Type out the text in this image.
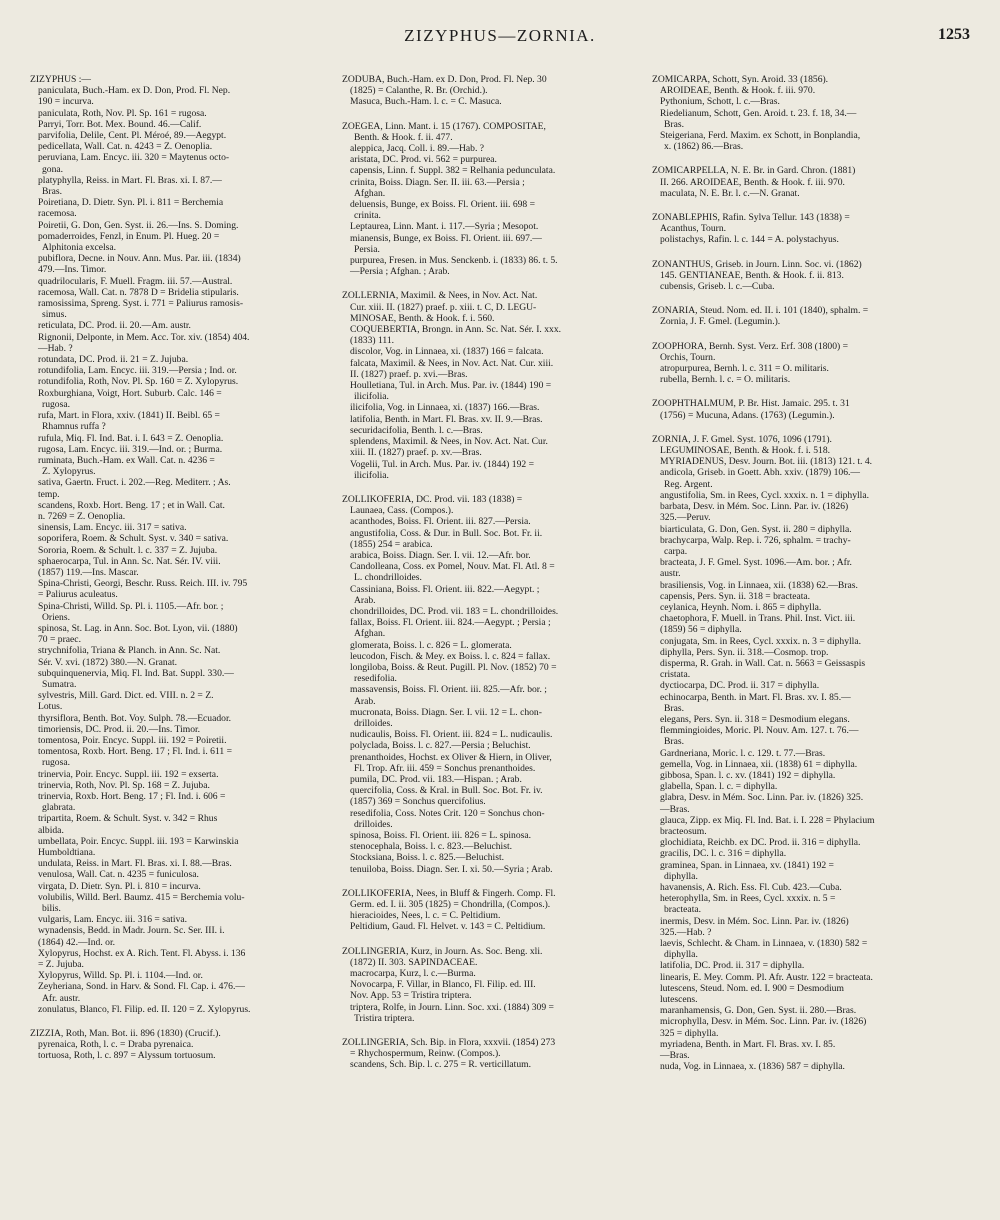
ZIZYPHUS—ZORNIA.	1253
ZIZYPHUS :—
paniculata, Buch.-Ham. ex D. Don, Prod. Fl. Nep.
190 = incurva.
paniculata, Roth, Nov. Pl. Sp. 161 = rugosa.
Parryi, Torr. Bot. Mex. Bound. 46.—Calif.
parvifolia, Delile, Cent. Pl. Méroé, 89.—Aegypt.
pedicellata, Wall. Cat. n. 4243 = Z. Oenoplia.
peruviana, Lam. Encyc. iii. 320 = Maytenus octo-
gona.
platyphylla, Reiss. in Mart. Fl. Bras. xi. I. 87.—
Bras.
Poiretiana, D. Dietr. Syn. Pl. i. 811 = Berchemia
racemosa.
Poiretii, G. Don, Gen. Syst. ii. 26.—Ins. S. Doming.
pomaderroides, Fenzl, in Enum. Pl. Hueg. 20 =
Alphitonia excelsa.
pubiflora, Decne. in Nouv. Ann. Mus. Par. iii. (1834)
479.—Ins. Timor.
quadrilocularis, F. Muell. Fragm. iii. 57.—Austral.
racemosa, Wall. Cat. n. 7878 D = Bridelia stipularis.
ramosissima, Spreng. Syst. i. 771 = Paliurus ramosis-
simus.
reticulata, DC. Prod. ii. 20.—Am. austr.
Rignonii, Delponte, in Mem. Acc. Tor. xiv. (1854) 404.
—Hab. ?
rotundata, DC. Prod. ii. 21 = Z. Jujuba.
rotundifolia, Lam. Encyc. iii. 319.—Persia ; Ind. or.
rotundifolia, Roth, Nov. Pl. Sp. 160 = Z. Xylopyrus.
Roxburghiana, Voigt, Hort. Suburb. Calc. 146 =
rugosa.
rufa, Mart. in Flora, xxiv. (1841) II. Beibl. 65 =
Rhamnus ruffa ?
rufula, Miq. Fl. Ind. Bat. i. I. 643 = Z. Oenoplia.
rugosa, Lam. Encyc. iii. 319.—Ind. or. ; Burma.
ruminata, Buch.-Ham. ex Wall. Cat. n. 4236 =
Z. Xylopyrus.
sativa, Gaertn. Fruct. i. 202.—Reg. Mediterr. ; As.
temp.
scandens, Roxb. Hort. Beng. 17 ; et in Wall. Cat.
n. 7269 = Z. Oenoplia.
sinensis, Lam. Encyc. iii. 317 = sativa.
soporifera, Roem. & Schult. Syst. v. 340 = sativa.
Sororia, Roem. & Schult. l. c. 337 = Z. Jujuba.
sphaerocarpa, Tul. in Ann. Sc. Nat. Sér. IV. viii.
(1857) 119.—Ins. Mascar.
Spina-Christi, Georgi, Beschr. Russ. Reich. III. iv. 795
= Paliurus aculeatus.
Spina-Christi, Willd. Sp. Pl. i. 1105.—Afr. bor. ;
Oriens.
spinosa, St. Lag. in Ann. Soc. Bot. Lyon, vii. (1880)
70 = praec.
strychnifolia, Triana & Planch. in Ann. Sc. Nat.
Sér. V. xvi. (1872) 380.—N. Granat.
subquinquenervia, Miq. Fl. Ind. Bat. Suppl. 330.—
Sumatra.
sylvestris, Mill. Gard. Dict. ed. VIII. n. 2 = Z.
Lotus.
thyrsiflora, Benth. Bot. Voy. Sulph. 78.—Ecuador.
timoriensis, DC. Prod. ii. 20.—Ins. Timor.
tomentosa, Poir. Encyc. Suppl. iii. 192 = Poiretii.
tomentosa, Roxb. Hort. Beng. 17 ; Fl. Ind. i. 611 =
rugosa.
trinervia, Poir. Encyc. Suppl. iii. 192 = exserta.
trinervia, Roth, Nov. Pl. Sp. 168 = Z. Jujuba.
trinervia, Roxb. Hort. Beng. 17 ; Fl. Ind. i. 606 =
glabrata.
tripartita, Roem. & Schult. Syst. v. 342 = Rhus
albida.
umbellata, Poir. Encyc. Suppl. iii. 193 = Karwinskia
Humboldtiana.
undulata, Reiss. in Mart. Fl. Bras. xi. I. 88.—Bras.
venulosa, Wall. Cat. n. 4235 = funiculosa.
virgata, D. Dietr. Syn. Pl. i. 810 = incurva.
volubilis, Willd. Berl. Baumz. 415 = Berchemia volu-
bilis.
vulgaris, Lam. Encyc. iii. 316 = sativa.
wynadensis, Bedd. in Madr. Journ. Sc. Ser. III. i.
(1864) 42.—Ind. or.
Xylopyrus, Hochst. ex A. Rich. Tent. Fl. Abyss. i. 136
= Z. Jujuba.
Xylopyrus, Willd. Sp. Pl. i. 1104.—Ind. or.
Zeyheriana, Sond. in Harv. & Sond. Fl. Cap. i. 476.—
Afr. austr.
zonulatus, Blanco, Fl. Filip. ed. II. 120 = Z. Xylopyrus.
ZIZZIA, Roth, Man. Bot. ii. 896 (1830) (Crucif.).
pyrenaica, Roth, l. c. = Draba pyrenaica.
tortuosa, Roth, l. c. 897 = Alyssum tortuosum.
ZODUBA, Buch.-Ham. ex D. Don, Prod. Fl. Nep. 30
(1825) = Calanthe, R. Br. (Orchid.).
Masuca, Buch.-Ham. l. c. = C. Masuca.
ZOEGEA, Linn. Mant. i. 15 (1767). COMPOSITAE,
Benth. & Hook. f. ii. 477.
aleppica, Jacq. Coll. i. 89.—Hab. ?
aristata, DC. Prod. vi. 562 = purpurea.
capensis, Linn. f. Suppl. 382 = Relhania pedunculata.
crinita, Boiss. Diagn. Ser. II. iii. 63.—Persia ;
Afghan.
deluensis, Bunge, ex Boiss. Fl. Orient. iii. 698 =
crinita.
Leptaurea, Linn. Mant. i. 117.—Syria ; Mesopot.
mianensis, Bunge, ex Boiss. Fl. Orient. iii. 697.—
Persia.
purpurea, Fresen. in Mus. Senckenb. i. (1833) 86. t. 5.
—Persia ; Afghan. ; Arab.
ZOLLERNIA, Maximil. & Nees, in Nov. Act. Nat.
Cur. xiii. II. (1827) praef. p. xiii. t. C, D. LEGU-
MINOSAE, Benth. & Hook. f. i. 560.
COQUEBERTIA, Brongn. in Ann. Sc. Nat. Sér. I. xxx.
(1833) 111.
discolor, Vog. in Linnaea, xi. (1837) 166 = falcata.
falcata, Maximil. & Nees, in Nov. Act. Nat. Cur. xiii.
II. (1827) praef. p. xvi.—Bras.
Houlletiana, Tul. in Arch. Mus. Par. iv. (1844) 190 =
ilicifolia.
ilicifolia, Vog. in Linnaea, xi. (1837) 166.—Bras.
latifolia, Benth. in Mart. Fl. Bras. xv. II. 9.—Bras.
securidacifolia, Benth. l. c.—Bras.
splendens, Maximil. & Nees, in Nov. Act. Nat. Cur.
xiii. II. (1827) praef. p. xv.—Bras.
Vogelii, Tul. in Arch. Mus. Par. iv. (1844) 192 =
ilicifolia.
ZOLLIKOFERIA, DC. Prod. vii. 183 (1838) =
Launaea, Cass. (Compos.).
acanthodes, Boiss. Fl. Orient. iii. 827.—Persia.
angustifolia, Coss. & Dur. in Bull. Soc. Bot. Fr. ii.
(1855) 254 = arabica.
arabica, Boiss. Diagn. Ser. I. vii. 12.—Afr. bor.
Candolleana, Coss. ex Pomel, Nouv. Mat. Fl. Atl. 8 =
L. chondrilloides.
Cassiniana, Boiss. Fl. Orient. iii. 822.—Aegypt. ;
Arab.
chondrilloides, DC. Prod. vii. 183 = L. chondrilloides.
fallax, Boiss. Fl. Orient. iii. 824.—Aegypt. ; Persia ;
Afghan.
glomerata, Boiss. l. c. 826 = L. glomerata.
leucodon, Fisch. & Mey. ex Boiss. l. c. 824 = fallax.
longiloba, Boiss. & Reut. Pugill. Pl. Nov. (1852) 70 =
resedifolia.
massavensis, Boiss. Fl. Orient. iii. 825.—Afr. bor. ;
Arab.
mucronata, Boiss. Diagn. Ser. I. vii. 12 = L. chon-
drilloides.
nudicaulis, Boiss. Fl. Orient. iii. 824 = L. nudicaulis.
polyclada, Boiss. l. c. 827.—Persia ; Beluchist.
prenanthoides, Hochst. ex Oliver & Hiern, in Oliver,
Fl. Trop. Afr. iii. 459 = Sonchus prenanthoides.
pumila, DC. Prod. vii. 183.—Hispan. ; Arab.
quercifolia, Coss. & Kral. in Bull. Soc. Bot. Fr. iv.
(1857) 369 = Sonchus quercifolius.
resedifolia, Coss. Notes Crit. 120 = Sonchus chon-
drilloides.
spinosa, Boiss. Fl. Orient. iii. 826 = L. spinosa.
stenocephala, Boiss. l. c. 823.—Beluchist.
Stocksiana, Boiss. l. c. 825.—Beluchist.
tenuiloba, Boiss. Diagn. Ser. I. xi. 50.—Syria ; Arab.
ZOLLIKOFERIA, Nees, in Bluff & Fingerh. Comp. Fl.
Germ. ed. I. ii. 305 (1825) = Chondrilla, (Compos.).
hieracioides, Nees, l. c. = C. Peltidium.
Peltidium, Gaud. Fl. Helvet. v. 143 = C. Peltidium.
ZOLLINGERIA, Kurz, in Journ. As. Soc. Beng. xli.
(1872) II. 303. SAPINDACEAE.
macrocarpa, Kurz, l. c.—Burma.
Novocarpa, F. Villar, in Blanco, Fl. Filip. ed. III.
Nov. App. 53 = Tristira triptera.
triptera, Rolfe, in Journ. Linn. Soc. xxi. (1884) 309 =
Tristira triptera.
ZOLLINGERIA, Sch. Bip. in Flora, xxxvii. (1854) 273
= Rhychospermum, Reinw. (Compos.).
scandens, Sch. Bip. l. c. 275 = R. verticillatum.
ZOMICARPA, Schott, Syn. Aroid. 33 (1856).
AROIDEAE, Benth. & Hook. f. iii. 970.
Pythonium, Schott, l. c.—Bras.
Riedelianum, Schott, Gen. Aroid. t. 23. f. 18, 34.—
Bras.
Steigeriana, Ferd. Maxim. ex Schott, in Bonplandia,
x. (1862) 86.—Bras.
ZOMICARPELLA, N. E. Br. in Gard. Chron. (1881)
II. 266. AROIDEAE, Benth. & Hook. f. iii. 970.
maculata, N. E. Br. l. c.—N. Granat.
ZONABLEPHIS, Rafin. Sylva Tellur. 143 (1838) =
Acanthus, Tourn.
polistachys, Rafin. l. c. 144 = A. polystachyus.
ZONANTHUS, Griseb. in Journ. Linn. Soc. vi. (1862)
145. GENTIANEAE, Benth. & Hook. f. ii. 813.
cubensis, Griseb. l. c.—Cuba.
ZONARIA, Steud. Nom. ed. II. i. 101 (1840), sphalm. =
Zornia, J. F. Gmel. (Legumin.).
ZOOPHORA, Bernh. Syst. Verz. Erf. 308 (1800) =
Orchis, Tourn.
atropurpurea, Bernh. l. c. 311 = O. militaris.
rubella, Bernh. l. c. = O. militaris.
ZOOPHTHALMUM, P. Br. Hist. Jamaic. 295. t. 31
(1756) = Mucuna, Adans. (1763) (Legumin.).
ZORNIA, J. F. Gmel. Syst. 1076, 1096 (1791).
LEGUMINOSAE, Benth. & Hook. f. i. 518.
MYRIADENUS, Desv. Journ. Bot. iii. (1813) 121. t. 4.
andicola, Griseb. in Goett. Abh. xxiv. (1879) 106.—
Reg. Argent.
angustifolia, Sm. in Rees, Cycl. xxxix. n. 1 = diphylla.
barbata, Desv. in Mém. Soc. Linn. Par. iv. (1826)
325.—Peruv.
biarticulata, G. Don, Gen. Syst. ii. 280 = diphylla.
brachycarpa, Walp. Rep. i. 726, sphalm. = trachy-
carpa.
bracteata, J. F. Gmel. Syst. 1096.—Am. bor. ; Afr.
austr.
brasiliensis, Vog. in Linnaea, xii. (1838) 62.—Bras.
capensis, Pers. Syn. ii. 318 = bracteata.
ceylanica, Heynh. Nom. i. 865 = diphylla.
chaetophora, F. Muell. in Trans. Phil. Inst. Vict. iii.
(1859) 56 = diphylla.
conjugata, Sm. in Rees, Cycl. xxxix. n. 3 = diphylla.
diphylla, Pers. Syn. ii. 318.—Cosmop. trop.
disperma, R. Grah. in Wall. Cat. n. 5663 = Geissaspis
cristata.
dyctiocarpa, DC. Prod. ii. 317 = diphylla.
echinocarpa, Benth. in Mart. Fl. Bras. xv. I. 85.—
Bras.
elegans, Pers. Syn. ii. 318 = Desmodium elegans.
flemmingioides, Moric. Pl. Nouv. Am. 127. t. 76.—
Bras.
Gardneriana, Moric. l. c. 129. t. 77.—Bras.
gemella, Vog. in Linnaea, xii. (1838) 61 = diphylla.
gibbosa, Span. l. c. xv. (1841) 192 = diphylla.
glabella, Span. l. c. = diphylla.
glabra, Desv. in Mém. Soc. Linn. Par. iv. (1826) 325.
—Bras.
glauca, Zipp. ex Miq. Fl. Ind. Bat. i. I. 228 = Phylacium
bracteosum.
glochidiata, Reichb. ex DC. Prod. ii. 316 = diphylla.
gracilis, DC. l. c. 316 = diphylla.
graminea, Span. in Linnaea, xv. (1841) 192 =
diphylla.
havanensis, A. Rich. Ess. Fl. Cub. 423.—Cuba.
heterophylla, Sm. in Rees, Cycl. xxxix. n. 5 =
bracteata.
inermis, Desv. in Mém. Soc. Linn. Par. iv. (1826)
325.—Hab. ?
laevis, Schlecht. & Cham. in Linnaea, v. (1830) 582 =
diphylla.
latifolia, DC. Prod. ii. 317 = diphylla.
linearis, E. Mey. Comm. Pl. Afr. Austr. 122 = bracteata.
lutescens, Steud. Nom. ed. I. 900 = Desmodium
lutescens.
maranhamensis, G. Don, Gen. Syst. ii. 280.—Bras.
microphylla, Desv. in Mém. Soc. Linn. Par. iv. (1826)
325 = diphylla.
myriadena, Benth. in Mart. Fl. Bras. xv. I. 85.
—Bras.
nuda, Vog. in Linnaea, x. (1836) 587 = diphylla.
